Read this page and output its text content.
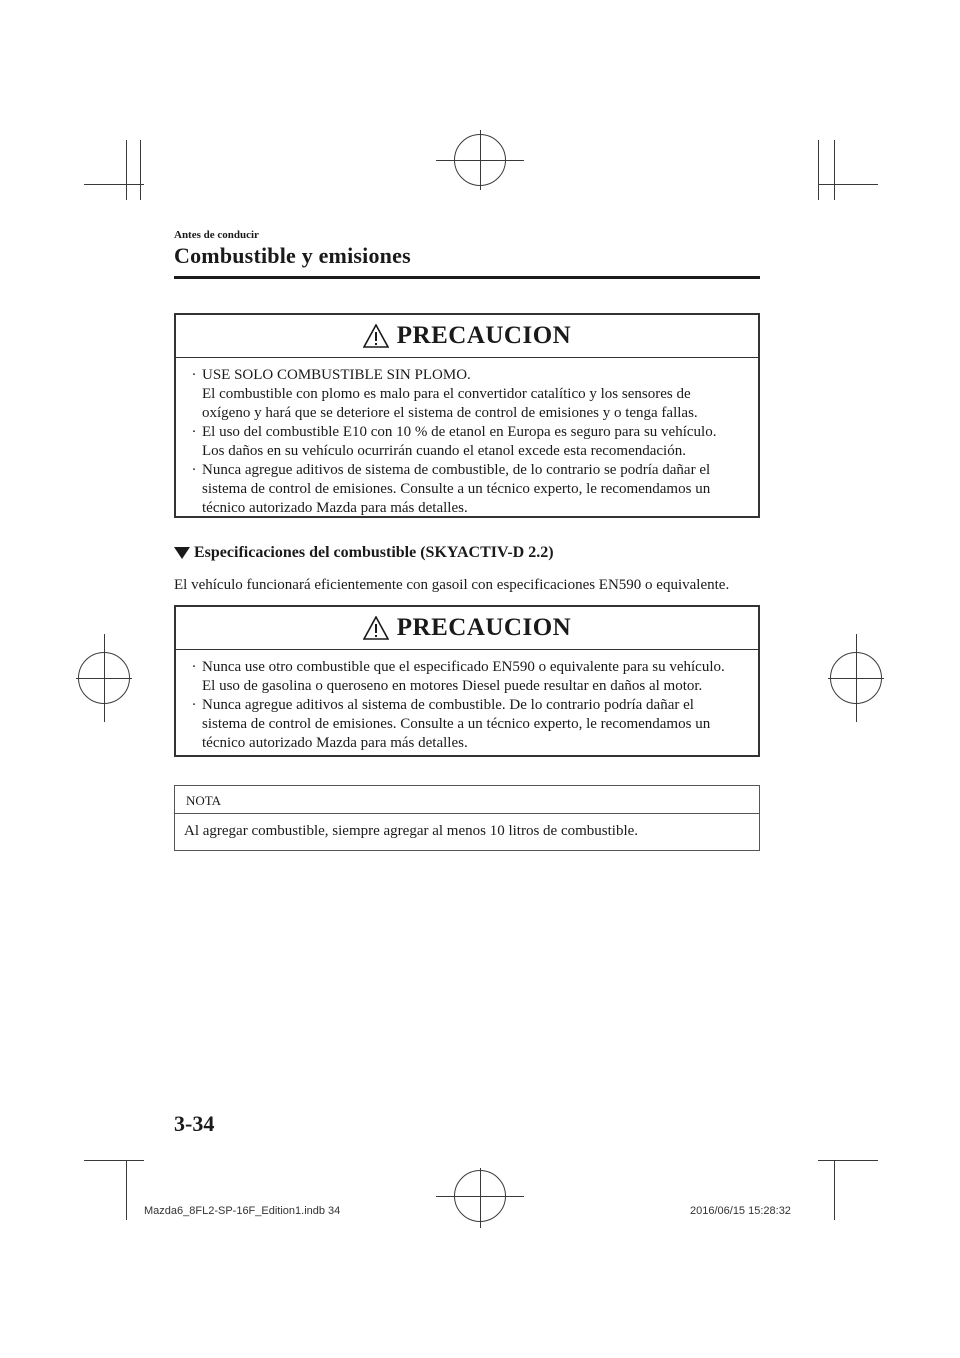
Antes de conducir
Combustible y emisiones
PRECAUCION
· USE SOLO COMBUSTIBLE SIN PLOMO.

El combustible con plomo es malo para el convertidor catalítico y los sensores de

oxígeno y hará que se deteriore el sistema de control de emisiones y o tenga fallas.

· El uso del combustible E10 con 10 % de etanol en Europa es seguro para su vehículo.

Los daños en su vehículo ocurrirán cuando el etanol excede esta recomendación.

· Nunca agregue aditivos de sistema de combustible, de lo contrario se podría dañar el

sistema de control de emisiones. Consulte a un técnico experto, le recomendamos un

técnico autorizado Mazda para más detalles.

Especificaciones del combustible (SKYACTIV-D 2.2)
El vehículo funcionará eficientemente con gasoil con especificaciones EN590 o equivalente.
PRECAUCION
· Nunca use otro combustible que el especificado EN590 o equivalente para su vehículo.

El uso de gasolina o queroseno en motores Diesel puede resultar en daños al motor.

· Nunca agregue aditivos al sistema de combustible. De lo contrario podría dañar el

sistema de control de emisiones. Consulte a un técnico experto, le recomendamos un

técnico autorizado Mazda para más detalles.

NOTA
Al agregar combustible, siempre agregar al menos 10 litros de combustible.
3-34
Mazda6_8FL2-SP-16F_Edition1.indb 34	2016/06/15 15:28:32
